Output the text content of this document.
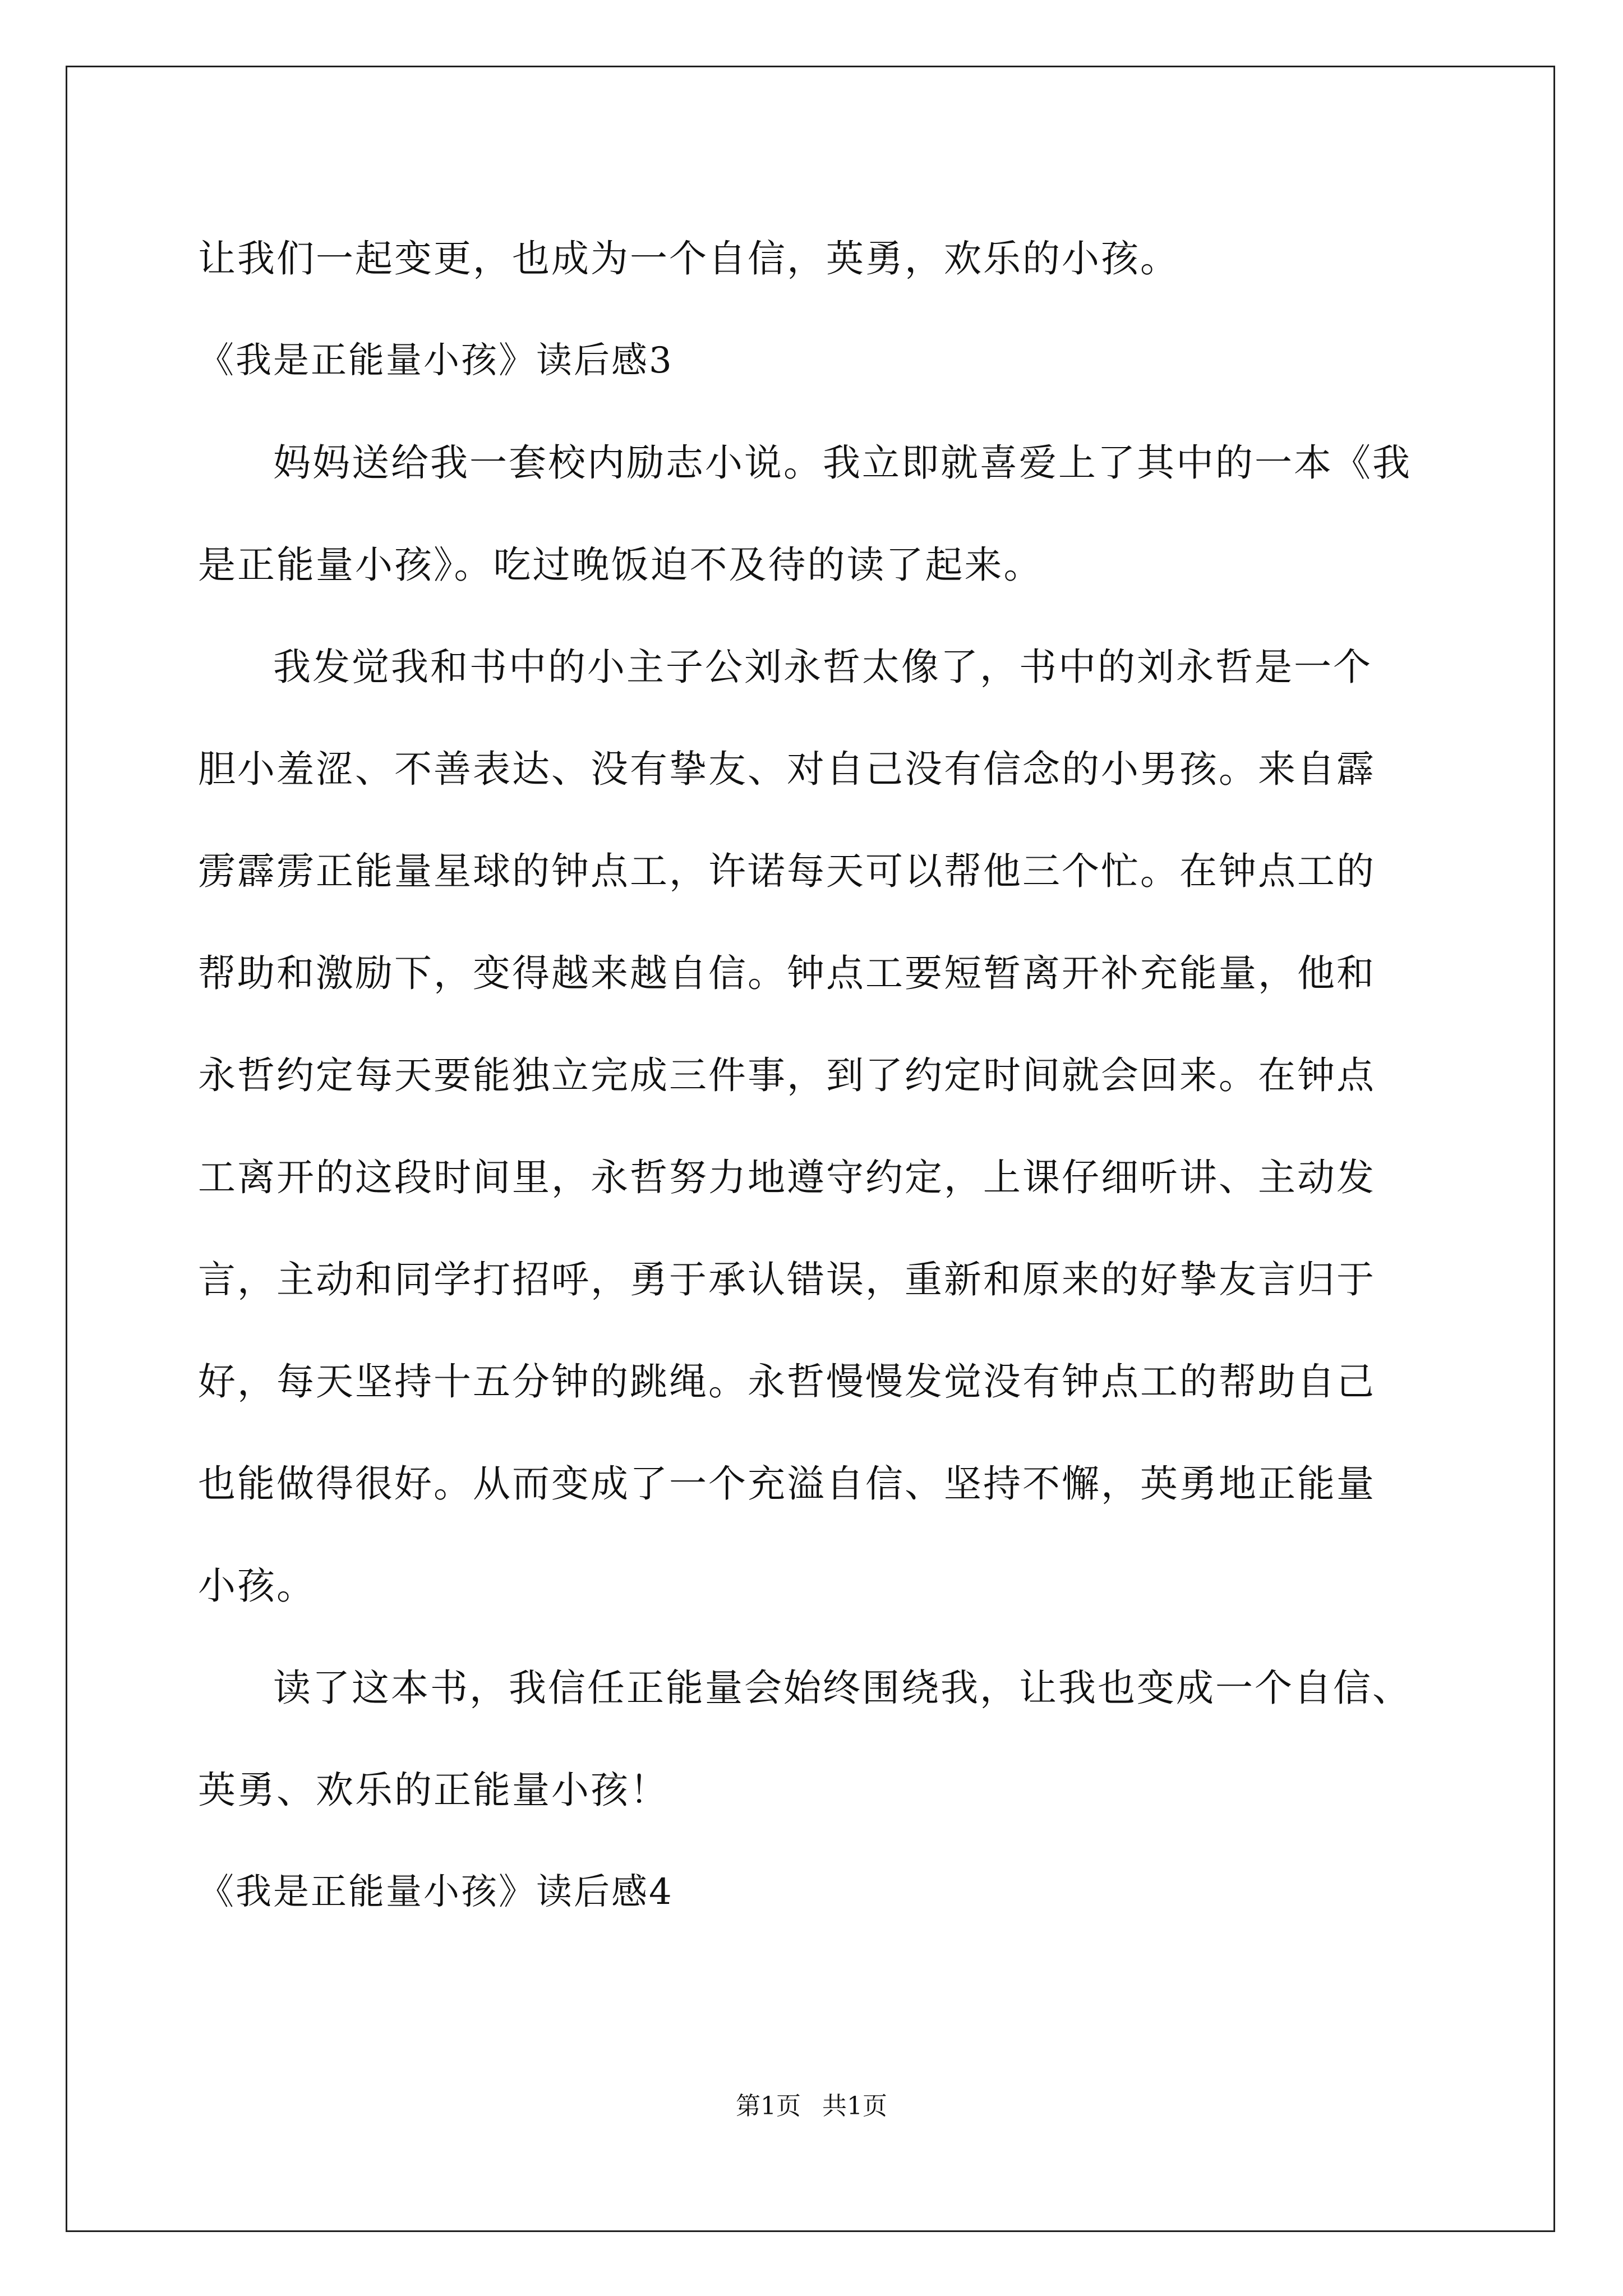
让我们一起变更，也成为一个自信，英勇，欢乐的小孩。
《我是正能量小孩》读后感3
妈妈送给我一套校内励志小说。我立即就喜爱上了其中的一本《我
是正能量小孩》。吃过晚饭迫不及待的读了起来。
我发觉我和书中的小主子公刘永哲太像了，书中的刘永哲是一个
胆小羞涩、不善表达、没有挚友、对自己没有信念的小男孩。来自霹
雳霹雳正能量星球的钟点工，许诺每天可以帮他三个忙。在钟点工的
帮助和激励下，变得越来越自信。钟点工要短暂离开补充能量，他和
永哲约定每天要能独立完成三件事，到了约定时间就会回来。在钟点
工离开的这段时间里，永哲努力地遵守约定，上课仔细听讲、主动发
言，主动和同学打招呼，勇于承认错误，重新和原来的好挚友言归于
好，每天坚持十五分钟的跳绳。永哲慢慢发觉没有钟点工的帮助自己
也能做得很好。从而变成了一个充溢自信、坚持不懈，英勇地正能量
小孩。
读了这本书，我信任正能量会始终围绕我，让我也变成一个自信、
英勇、欢乐的正能量小孩！
《我是正能量小孩》读后感4
第1页 共1页
